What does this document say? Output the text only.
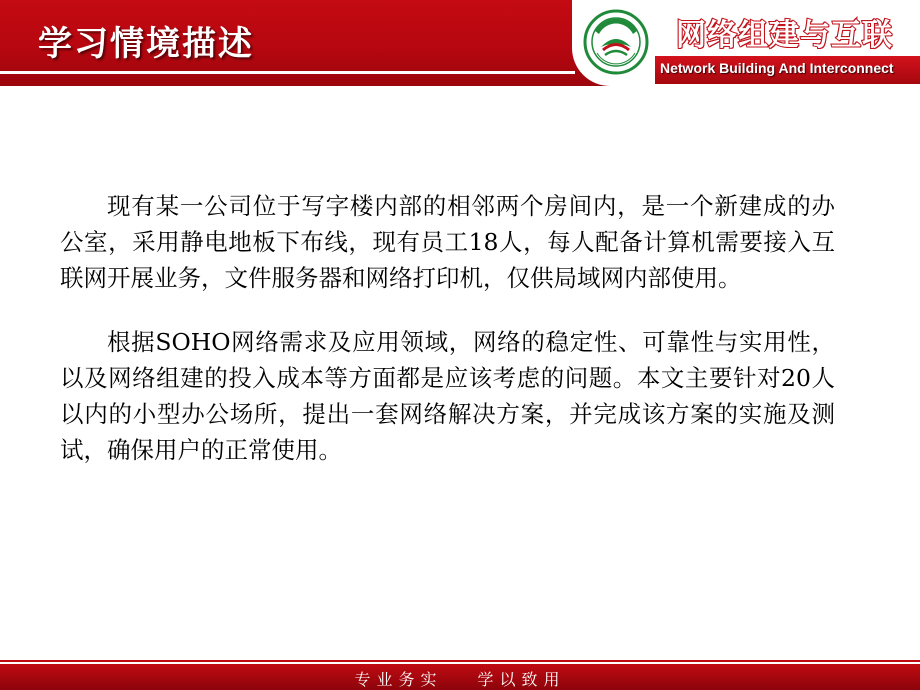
学习情境描述	网络组建与互联
Network Building And Interconnect

现有某一公司位于写字楼内部的相邻两个房间内，是一个新建成的办公室，采用静电地板下布线，现有员工18人，每人配备计算机需要接入互联网开展业务，文件服务器和网络打印机，仅供局域网内部使用。

根据SOHO网络需求及应用领域，网络的稳定性、可靠性与实用性，以及网络组建的投入成本等方面都是应该考虑的问题。本文主要针对20人以内的小型办公场所，提出一套网络解决方案，并完成该方案的实施及测试，确保用户的正常使用。

专业务实 学以致用
